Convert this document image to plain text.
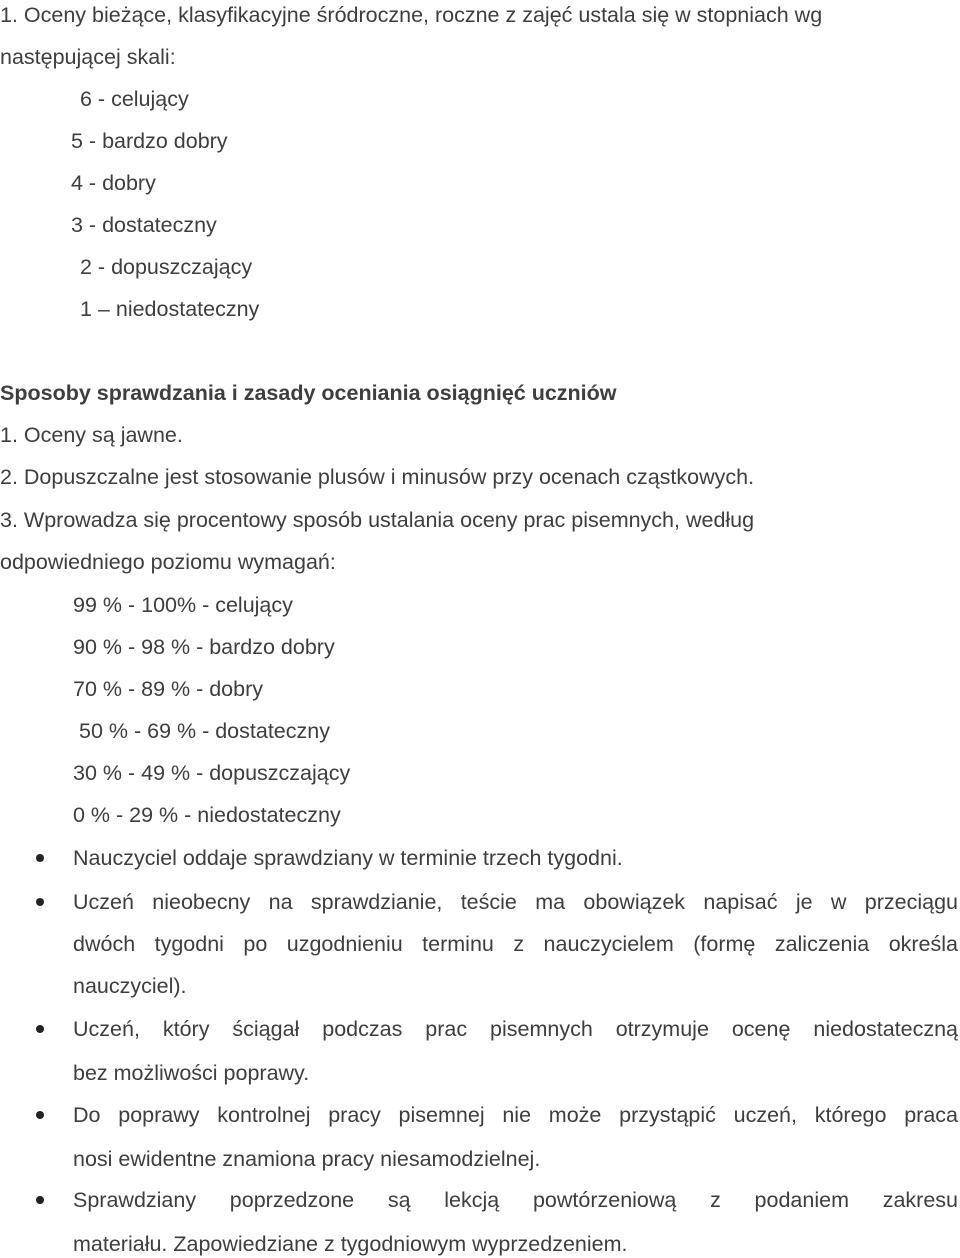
1. Oceny bieżące, klasyfikacyjne śródroczne, roczne z zajęć ustala się w stopniach wg
następującej skali:
6 - celujący
5 - bardzo dobry
4 - dobry
3 - dostateczny
2 - dopuszczający
1 – niedostateczny
Sposoby sprawdzania i zasady oceniania osiągnięć uczniów
1. Oceny są jawne.
2. Dopuszczalne jest stosowanie plusów i minusów przy ocenach cząstkowych.
3. Wprowadza się procentowy sposób ustalania oceny prac pisemnych, według
odpowiedniego poziomu wymagań:
99 % - 100% - celujący
90 % - 98 % - bardzo dobry
70 % - 89 % - dobry
50 % - 69 % - dostateczny
30 % - 49 % - dopuszczający
0 % - 29 % - niedostateczny
Nauczyciel oddaje sprawdziany w terminie trzech tygodni.
Uczeń nieobecny na sprawdzianie, teście ma obowiązek napisać je w przeciągu
dwóch tygodni po uzgodnieniu terminu z nauczycielem (formę zaliczenia określa
nauczyciel).
Uczeń, który ściągał podczas prac pisemnych otrzymuje ocenę niedostateczną
bez możliwości poprawy.
Do poprawy kontrolnej pracy pisemnej nie może przystąpić uczeń, którego praca
nosi ewidentne znamiona pracy niesamodzielnej.
Sprawdziany poprzedzone są lekcją powtórzeniową z podaniem zakresu
materiału. Zapowiedziane z tygodniowym wyprzedzeniem.
